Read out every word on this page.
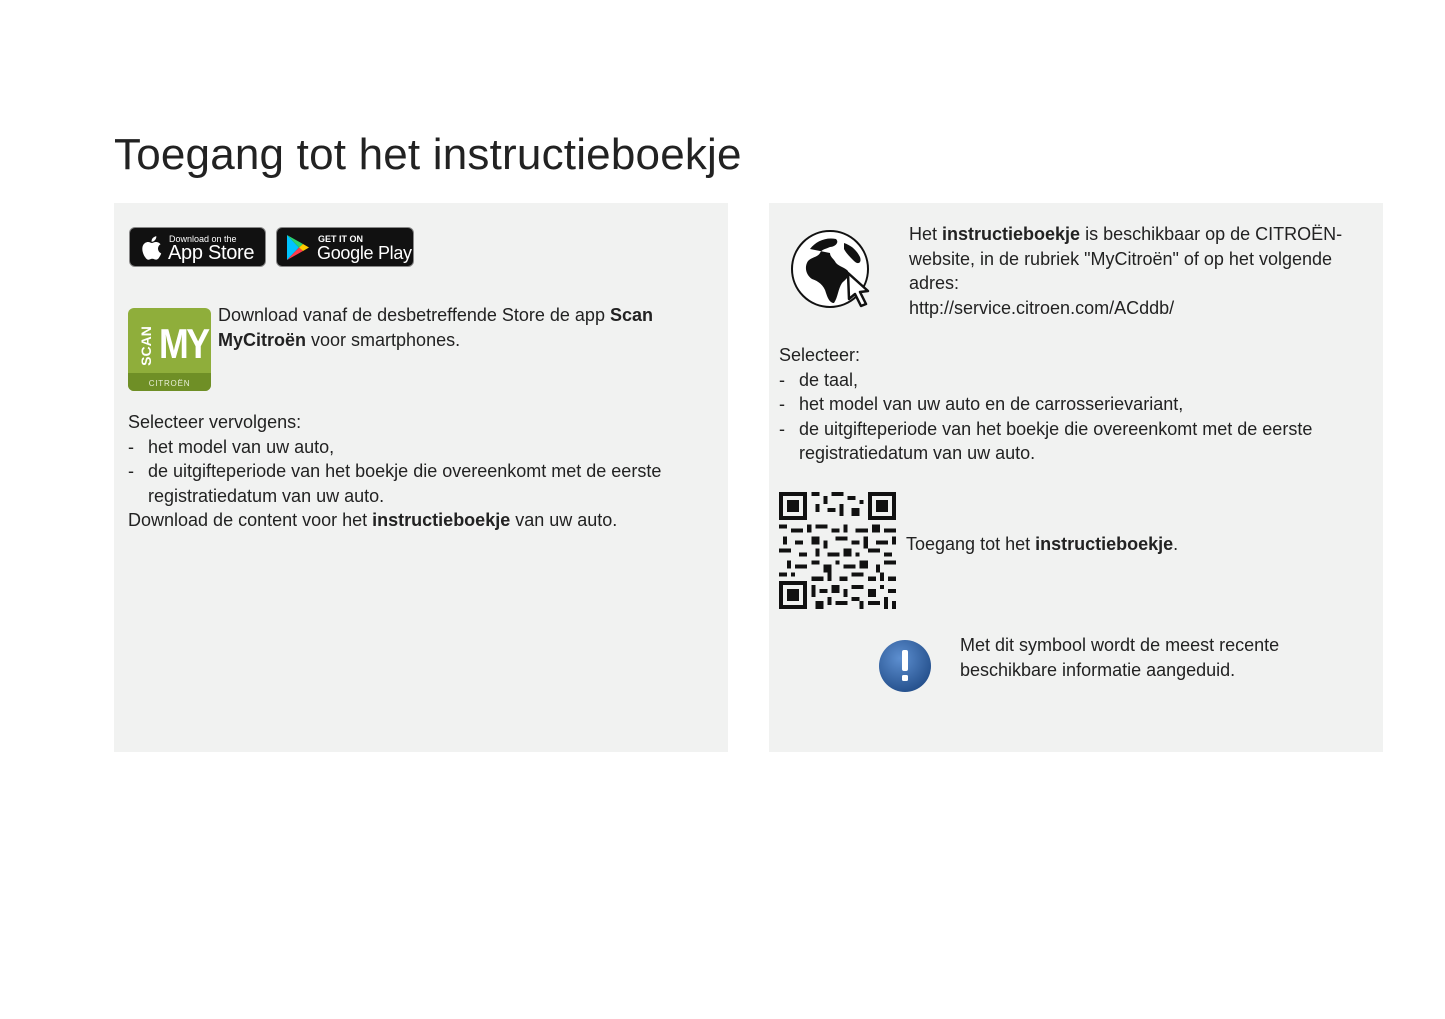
Toegang tot het instructieboekje
Download on the
App Store
GET IT ON
Google Play
SCAN MY
CITROËN
Download vanaf de desbetreffende Store de app Scan MyCitroën voor smartphones.
Selecteer vervolgens:
- het model van uw auto,
- de uitgifteperiode van het boekje die overeenkomt met de eerste registratiedatum van uw auto.
Download de content voor het instructieboekje van uw auto.
Het instructieboekje is beschikbaar op de CITROËN-website, in de rubriek "MyCitroën" of op het volgende adres:
http://service.citroen.com/ACddb/
Selecteer:
- de taal,
- het model van uw auto en de carrosserievariant,
- de uitgifteperiode van het boekje die overeenkomt met de eerste registratiedatum van uw auto.
Toegang tot het instructieboekje.
Met dit symbool wordt de meest recente beschikbare informatie aangeduid.
